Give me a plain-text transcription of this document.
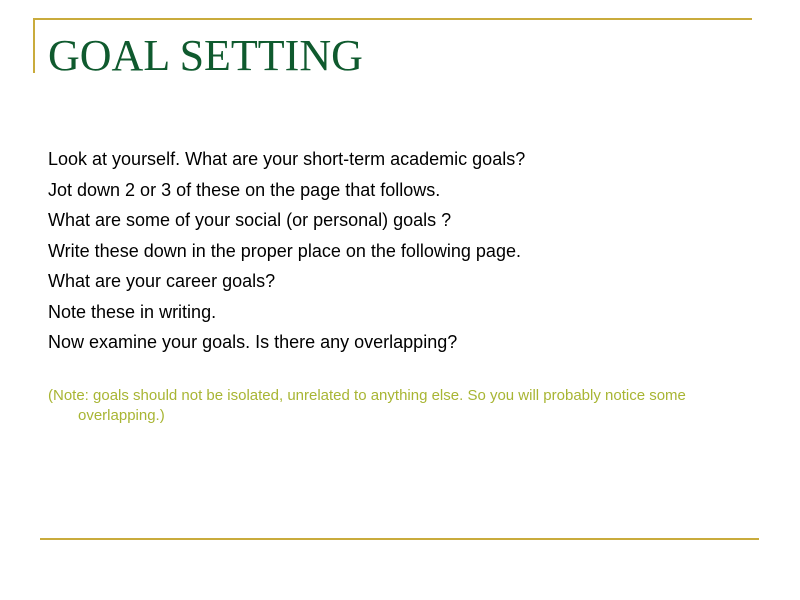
GOAL SETTING
Look at yourself. What are your short-term academic goals?
Jot down 2 or 3 of these on the page that follows.
What are some of your social (or personal) goals ?
Write these down in the proper place on the following page.
What are your career goals?
Note these in writing.
Now examine your goals. Is there any overlapping?

(Note: goals should not be isolated, unrelated to anything else. So you will probably notice some overlapping.)
